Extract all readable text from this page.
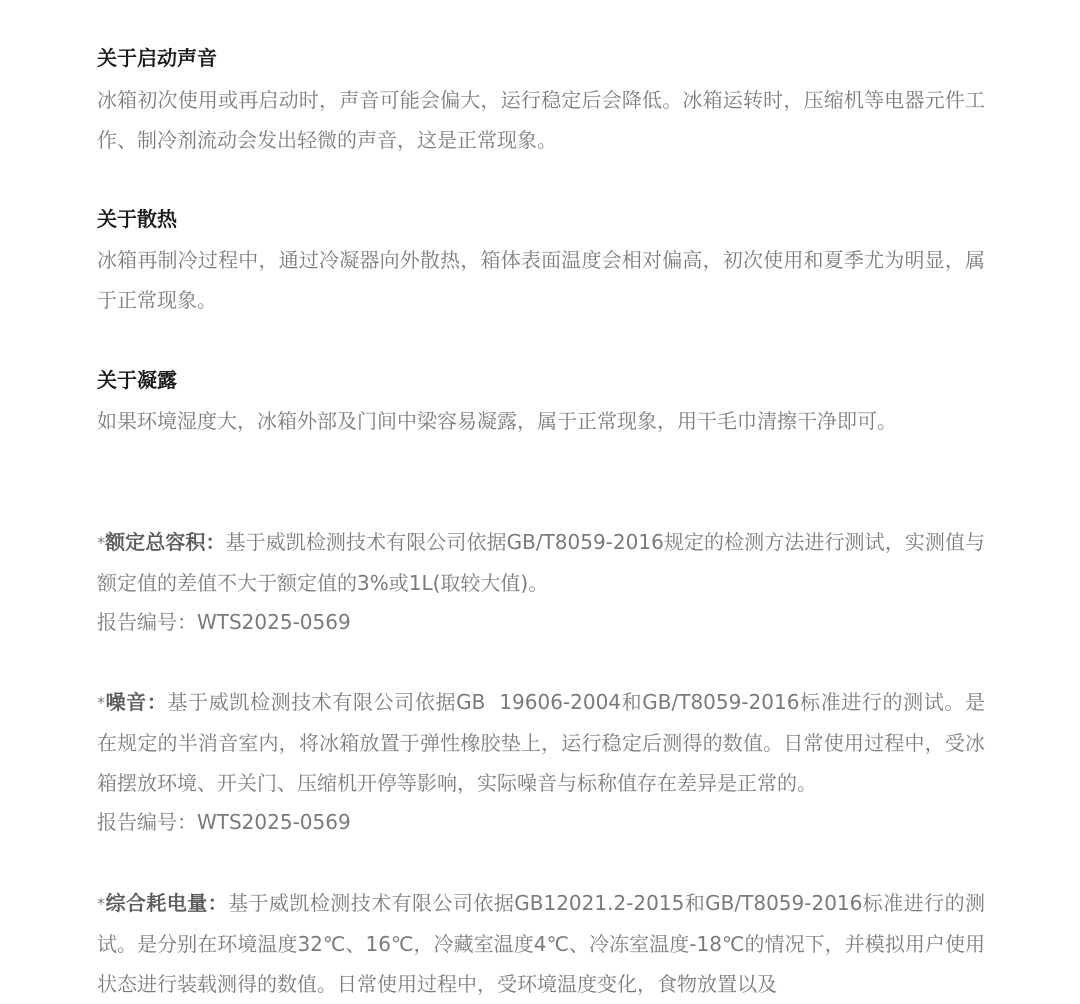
关于启动声音
冰箱初次使用或再启动时，声音可能会偏大，运行稳定后会降低。冰箱运转时，压缩机等电器元件工作、制冷剂流动会发出轻微的声音，这是正常现象。
关于散热
冰箱再制冷过程中，通过冷凝器向外散热，箱体表面温度会相对偏高，初次使用和夏季尤为明显，属于正常现象。
关于凝露
如果环境湿度大，冰箱外部及门间中梁容易凝露，属于正常现象，用干毛巾清擦干净即可。
*额定总容积：基于威凯检测技术有限公司依据GB/T8059-2016规定的检测方法进行测试，实测值与额定值的差值不大于额定值的3%或1L(取较大值)。
报告编号：WTS2025-0569
*噪音：基于威凯检测技术有限公司依据GB  19606-2004和GB/T8059-2016标准进行的测试。是在规定的半消音室内，将冰箱放置于弹性橡胶垫上，运行稳定后测得的数值。日常使用过程中，受冰箱摆放环境、开关门、压缩机开停等影响，实际噪音与标称值存在差异是正常的。
报告编号：WTS2025-0569
*综合耗电量：基于威凯检测技术有限公司依据GB12021.2-2015和GB/T8059-2016标准进行的测试。是分别在环境温度32℃、16℃，冷藏室温度4℃、冷冻室温度-18℃的情况下，并模拟用户使用状态进行装载测得的数值。日常使用过程中，受环境温度变化，食物放置以及
